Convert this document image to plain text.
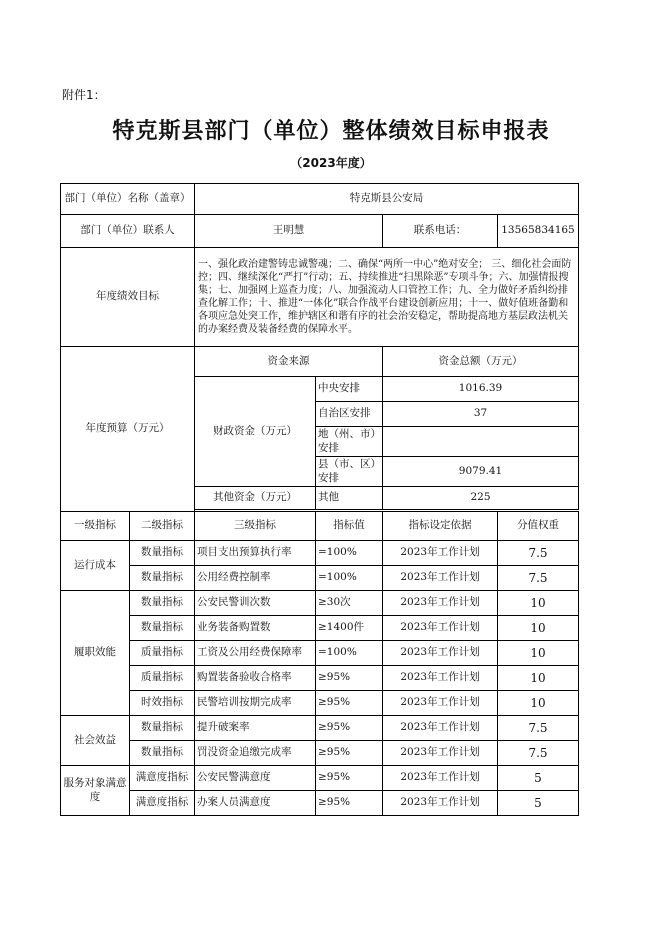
附件1：
特克斯县部门（单位）整体绩效目标申报表
（2023年度）
部门（单位）名称（盖章）		特克斯县公安局			
部门（单位）联系人		王明慧		联系电话：	13565834165
年度绩效目标		一、强化政治建警铸忠诚警魂；二、确保“两所一中心”绝对安全； 三、细化社会面防控；四、继续深化“严打”行动；五、持续推进“扫黑除恶”专项斗争；六、加强情报搜集；七、加强网上巡查力度；八、加强流动人口管控工作；九、全力做好矛盾纠纷排查化解工作；十、推进“一体化”联合作战平台建设创新应用；十一、做好值班备勤和各项应急处突工作，维护辖区和谐有序的社会治安稳定，帮助提高地方基层政法机关的办案经费及装备经费的保障水平。			
年度预算（万元）		资金来源		资金总额（万元）	
		财政资金（万元）	中央安排	1016.39	
			自治区安排	37	
			地（州、市）安排		
			县（市、区）安排	9079.41	
		其他资金（万元）	其他	225	

一级指标	二级指标	三级指标	指标值	指标设定依据	分值权重
运行成本	数量指标	项目支出预算执行率	=100%	2023年工作计划	7.5
	数量指标	公用经费控制率	=100%	2023年工作计划	7.5
履职效能	数量指标	公安民警训次数	≥30次	2023年工作计划	10
	数量指标	业务装备购置数	≥1400件	2023年工作计划	10
	质量指标	工资及公用经费保障率	=100%	2023年工作计划	10
	质量指标	购置装备验收合格率	≥95%	2023年工作计划	10
	时效指标	民警培训按期完成率	≥95%	2023年工作计划	10
社会效益	数量指标	提升破案率	≥95%	2023年工作计划	7.5
	数量指标	罚没资金追缴完成率	≥95%	2023年工作计划	7.5
服务对象满意度	满意度指标	公安民警满意度	≥95%	2023年工作计划	5
	满意度指标	办案人员满意度	≥95%	2023年工作计划	5
